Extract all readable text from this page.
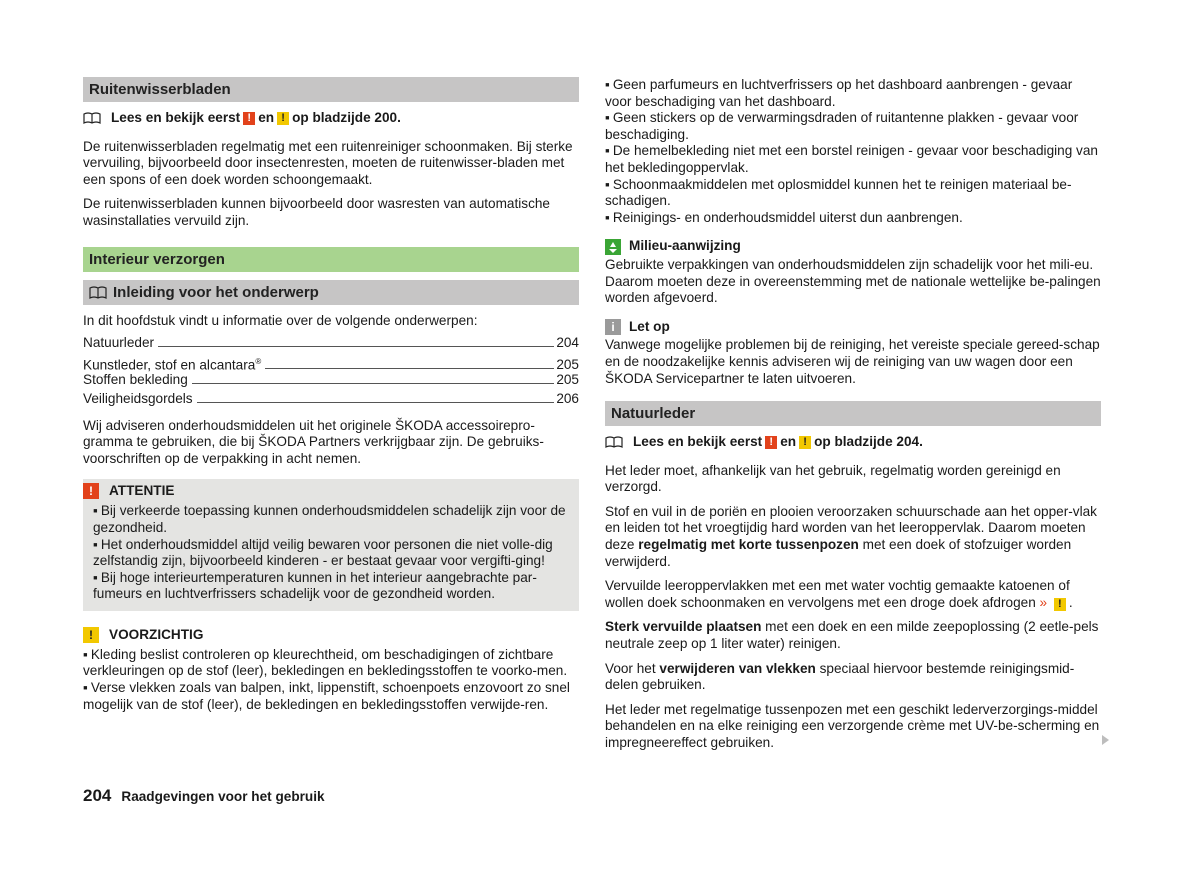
Ruitenwisserbladen
Lees en bekijk eerst ! en ! op bladzijde 200.

De ruitenwisserbladen regelmatig met een ruitenreiniger schoonmaken. Bij sterke vervuiling, bijvoorbeeld door insectenresten, moeten de ruitenwisser-bladen met een spons of een doek worden schoongemaakt.

De ruitenwisserbladen kunnen bijvoorbeeld door wasresten van automatische wasinstallaties vervuild zijn.

Interieur verzorgen
Inleiding voor het onderwerp

In dit hoofdstuk vindt u informatie over de volgende onderwerpen:

Natuurleder	204
Kunstleder, stof en alcantara®	205
Stoffen bekleding	205
Veiligheidsgordels	206

Wij adviseren onderhoudsmiddelen uit het originele ŠKODA accessoirepro-gramma te gebruiken, die bij ŠKODA Partners verkrijgbaar zijn. De gebruiks-voorschriften op de verpakking in acht nemen.

!	ATTENTIE
▪ Bij verkeerde toepassing kunnen onderhoudsmiddelen schadelijk zijn voor de gezondheid.
▪ Het onderhoudsmiddel altijd veilig bewaren voor personen die niet volle-dig zelfstandig zijn, bijvoorbeeld kinderen - er bestaat gevaar voor vergifti-ging!
▪ Bij hoge interieurtemperaturen kunnen in het interieur aangebrachte par-fumeurs en luchtverfrissers schadelijk voor de gezondheid worden.
!	VOORZICHTIG
▪ Kleding beslist controleren op kleurechtheid, om beschadigingen of zichtbare verkleuringen op de stof (leer), bekledingen en bekledingsstoffen te voorko-men.
▪ Verse vlekken zoals van balpen, inkt, lippenstift, schoenpoets enzovoort zo snel mogelijk van de stof (leer), de bekledingen en bekledingsstoffen verwijde-ren.
▪ Geen parfumeurs en luchtverfrissers op het dashboard aanbrengen - gevaar voor beschadiging van het dashboard.
▪ Geen stickers op de verwarmingsdraden of ruitantenne plakken - gevaar voor beschadiging.
▪ De hemelbekleding niet met een borstel reinigen - gevaar voor beschadiging van het bekledingoppervlak.
▪ Schoonmaakmiddelen met oplosmiddel kunnen het te reinigen materiaal be-schadigen.
▪ Reinigings- en onderhoudsmiddel uiterst dun aanbrengen.
Milieu-aanwijzing

Gebruikte verpakkingen van onderhoudsmiddelen zijn schadelijk voor het mili-eu. Daarom moeten deze in overeenstemming met de nationale wettelijke be-palingen worden afgevoerd.

i	Let op

Vanwege mogelijke problemen bij de reiniging, het vereiste speciale gereed-schap en de noodzakelijke kennis adviseren wij de reiniging van uw wagen door een ŠKODA Servicepartner te laten uitvoeren.

Natuurleder
Lees en bekijk eerst ! en ! op bladzijde 204.

Het leder moet, afhankelijk van het gebruik, regelmatig worden gereinigd en verzorgd.

Stof en vuil in de poriën en plooien veroorzaken schuurschade aan het opper-vlak en leiden tot het vroegtijdig hard worden van het leeroppervlak. Daarom moeten deze regelmatig met korte tussenpozen met een doek of stofzuiger worden verwijderd.

Vervuilde leeroppervlakken met een met water vochtig gemaakte katoenen of wollen doek schoonmaken en vervolgens met een droge doek afdrogen » ! .

Sterk vervuilde plaatsen met een doek en een milde zeepoplossing (2 eetle-pels neutrale zeep op 1 liter water) reinigen.

Voor het verwijderen van vlekken speciaal hiervoor bestemde reinigingsmid-delen gebruiken.

Het leder met regelmatige tussenpozen met een geschikt lederverzorgings-middel behandelen en na elke reiniging een verzorgende crème met UV-be-scherming en impregneereffect gebruiken.

204 Raadgevingen voor het gebruik
